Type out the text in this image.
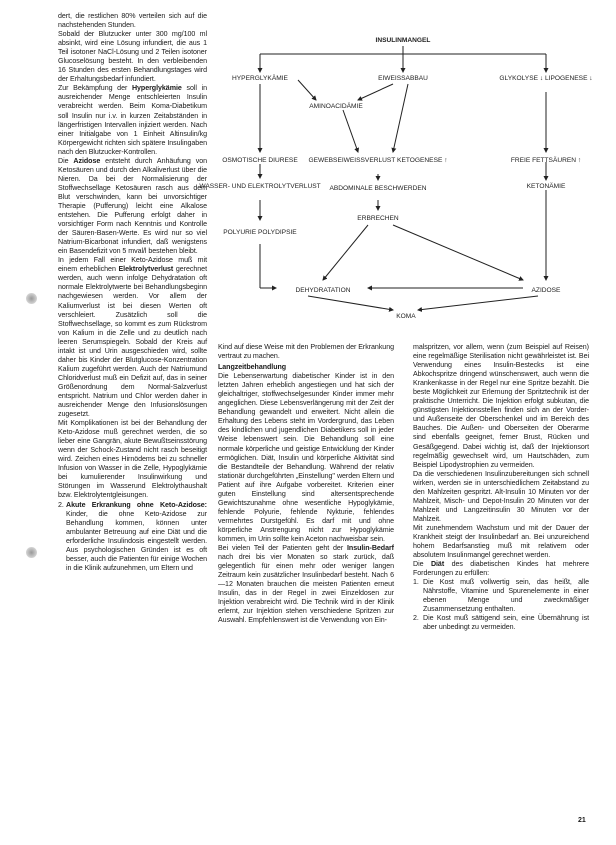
dert, die restlichen 80% verteilen sich auf die nachstehenden Stunden.

Sobald der Blutzucker unter 300 mg/100 ml absinkt, wird eine Lösung infundiert, die aus 1 Teil isotoner NaCl-Lösung und 2 Teilen isotoner Glucoselösung besteht. In den verbleibenden 16 Stunden des ersten Behandlungstages wird der Erhaltungsbedarf infundiert.

Zur Bekämpfung der Hyperglykämie soll in ausreichender Menge entschleierten Insulin verabreicht werden. Beim Koma-Diabetikum soll Insulin nur i.v. in kurzen Zeitabständen in längerfristigen Intervallen injiziert werden. Nach einer Initialgabe von 1 Einheit Altinsulin/kg Körpergewicht richten sich spätere Insulingaben nach den Blutzucker-Kontrollen.

Die Azidose entsteht durch Anhäufung von Ketosäuren und durch den Alkaliverlust über die Nieren. Da bei der Normalisierung der Stoffwechsellage Ketosäuren rasch aus dem Blut verschwinden, kann bei unvorsichtiger Therapie (Pufferung) leicht eine Alkalose entstehen. Die Pufferung erfolgt daher in vorsichtiger Form nach Kenntnis und Kontrolle der Säuren-Basen-Werte. Es wird nur so viel Natrium-Bicarbonat infundiert, daß wenigstens ein Basendefizit von 5 mval/l bestehen bleibt.

In jedem Fall einer Keto-Azidose muß mit einem erheblichen Elektrolytverlust gerechnet werden, auch wenn infolge Dehydratation oft normale Elektrolytwerte bei Behandlungsbeginn nachgewiesen werden. Vor allem der Kaliumverlust ist bei diesen Werten oft verschleiert. Zusätzlich soll die Stoffwechsellage, so kommt es zum Rückstrom von Kalium in die Zelle und zu deutlich nach leeren Serumspiegeln. Sobald der Kreis auf intakt ist und Urin ausgeschieden wird, sollte daher bis Kinder der Blutglucose-Konzentration Kalium zugeführt werden. Auch der Natriumund Chloridverlust muß ein Defizit auf, das in seiner Größenordnung dem Normal-Salzverlust entspricht. Natrium und Chlor werden daher in ausreichender Menge den Infusionslösungen zugesetzt.

Mit Komplikationen ist bei der Behandlung der Keto-Azidose muß gerechnet werden, die so lieber eine Gangrän, akute Bewußtseinsstörung wenn der Schock-Zustand nicht rasch beseitigt wird. Zeichen eines Hirnödems bei zu schneller Infusion von Wasser in die Zelle, Hypoglykämie bei kumulierender Insulinwirkung und Störungen im Wasserund Elektrolythaushalt bzw. Elektrolytentgleisungen.

2. Akute Erkrankung ohne Keto-Azidose: Kinder, die ohne Keto-Azidose zur Behandlung kommen, können unter ambulanter Betreuung auf eine Diät und die erforderliche Insulindosis eingestellt werden. Aus psychologischen Gründen ist es oft besser, auch die Patienten für einige Wochen in die Klinik aufzunehmen, um Eltern und

INSULINMANGEL
HYPERGLYKÄMIE	EIWEISSABBAU	GLYKOLYSE ↓ LIPOGENESE ↓
AMINOACIDÄMIE
OSMOTISCHE DIURESE GEWEBSEIWEISSVERLUST KETOGENESE ↑	FREIE FETTSÄUREN ↑
WASSER- UND ELEKTROLYTVERLUST ABDOMINALE BESCHWERDEN	KETONÄMIE
ERBRECHEN
POLYURIE POLYDIPSIE
DEHYDRATATION	AZIDOSE
KOMA

Kind auf diese Weise mit den Problemen der Erkrankung vertraut zu machen.

Langzeitbehandlung

Die Lebenserwartung diabetischer Kinder ist in den letzten Jahren erheblich angestiegen und hat sich der gleichaltriger, stoffwechselgesunder Kinder immer mehr angeglichen. Diese Lebensverlängerung mit der Zeit der Behandlung gewandelt und erweitert. Nicht allein die Erhaltung des Lebens steht im Vordergrund, das Leben des kindlichen und jugendlichen Diabetikers soll in jeder Weise lebenswert sein. Die Behandlung soll eine normale körperliche und geistige Entwicklung der Kinder ermöglichen. Diät, Insulin und körperliche Aktivität sind die Bestandteile der Behandlung. Während der relativ stationär durchgeführten „Einstellung" werden Eltern und Patient auf ihre Aufgabe vorbereitet. Kriterien einer guten Einstellung sind altersentsprechende Gewichtszunahme ohne wesentliche Hypoglykämie, fehlende Polyurie, fehlende Nykturie, fehlendes vermehrtes Durstgefühl. Es darf mit und ohne körperliche Anstrengung nicht zur Hypoglykämie kommen, im Urin sollte kein Aceton nachweisbar sein.

Bei vielen Teil der Patienten geht der Insulin-Bedarf nach drei bis vier Monaten so stark zurück, daß gelegentlich für einen mehr oder weniger langen Zeitraum kein zusätzlicher Insulinbedarf besteht. Nach 6—12 Monaten brauchen die meisten Patienten erneut Insulin, das in der Regel in zwei Einzeldosen zur Injektion verabreicht wird. Die Technik wird in der Klinik erlernt, zur Injektion stehen verschiedene Spritzen zur Auswahl. Empfehlenswert ist die Verwendung von Ein-

malspritzen, vor allem, wenn (zum Beispiel auf Reisen) eine regelmäßige Sterilisation nicht gewährleistet ist. Bei Verwendung eines Insulin-Bestecks ist eine Abkochspritze dringend wünschenswert, auch wenn die Krankenkasse in der Regel nur eine Spritze bezahlt. Die beste Möglichkeit zur Erlernung der Spritztechnik ist der praktische Unterricht. Die Injektion erfolgt subkutan, die günstigsten Injektionsstellen finden sich an der Vorder- und Außenseite der Oberschenkel und im Bereich des Bauches. Die Außen- und Oberseiten der Oberarme sind ebenfalls geeignet, ferner Brust, Rücken und Gesäßgegend. Dabei wichtig ist, daß der Injektionsort regelmäßig gewechselt wird, um Hautschäden, zum Beispiel Lipodystrophien zu vermeiden.

Da die verschiedenen Insulinzubereitungen sich schnell wirken, werden sie in unterschiedlichem Zeitabstand zu den Mahlzeiten gespritzt. Alt-Insulin 10 Minuten vor der Mahlzeit, Misch- und Depot-Insulin 20 Minuten vor der Mahlzeit und Langzeitinsulin 30 Minuten vor der Mahlzeit.

Mit zunehmendem Wachstum und mit der Dauer der Krankheit steigt der Insulinbedarf an. Bei unzureichend hohem Bedarfsanstieg muß mit relativem oder absolutem Insulinmangel gerechnet werden.

Die Diät des diabetischen Kindes hat mehrere Forderungen zu erfüllen:

1. Die Kost muß vollwertig sein, das heißt, alle Nährstoffe, Vitamine und Spurenelemente in einer ebenen Menge und zweckmäßiger Zusammensetzung enthalten.
2. Die Kost muß sättigend sein, eine Übernährung ist aber unbedingt zu vermeiden.
21
